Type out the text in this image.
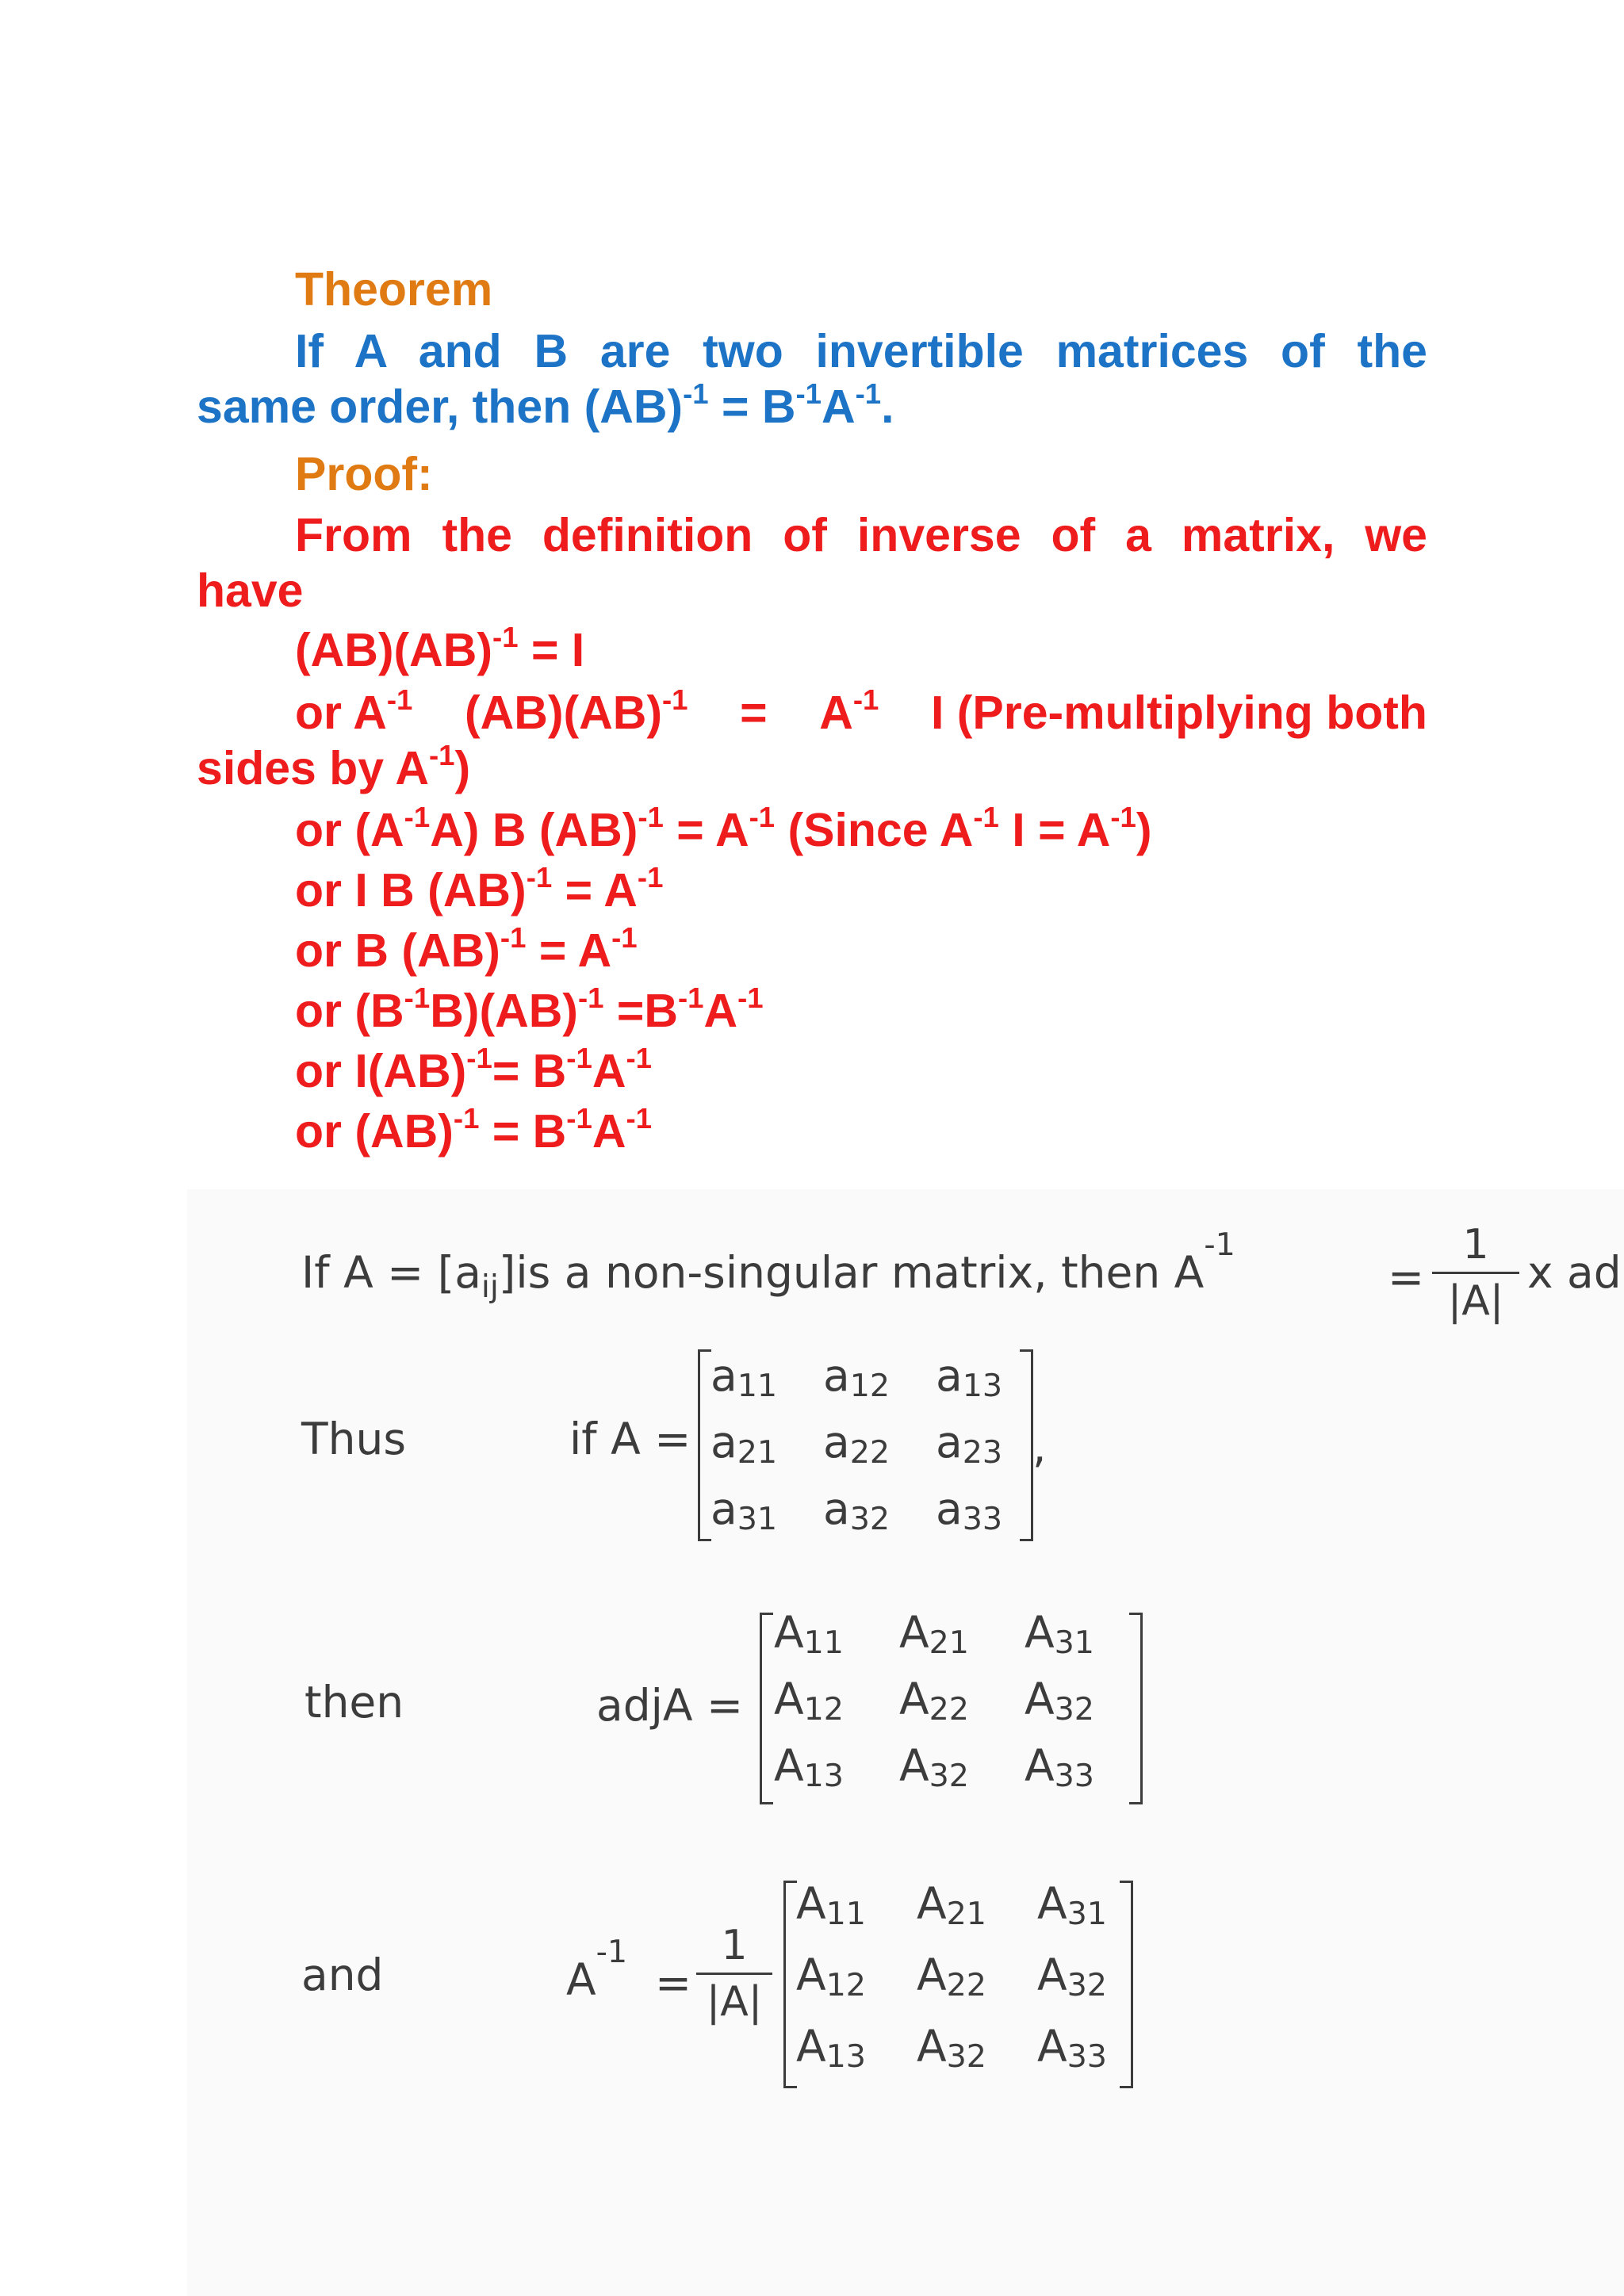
Theorem
If A and B are two invertible matrices of the
same order, then $(AB)^{-1} = B^{-1}A^{-1}$.
Proof:
From the definition of inverse of a matrix, we
have
(AB)(AB)$^{-1}$ = I
or $A^{-1}$ $(AB)(AB)^{-1} = A^{-1}$ I (Pre-multiplying both
sides by $A^{-1}$)
or $(A^{-1}A)$ B $(AB)^{-1} = A^{-1}$ (Since $A^{-1}$ $I = A^{-1}$)
or I B $(AB)^{-1} = A^{-1}$
or B $(AB)^{-1} = A^{-1}$
or $(B^{-1}B)(AB)^{-1} =B^{-1}A^{-1}$
or $I(AB)^{-1}= B^{-1}A^{-1}$
or $(AB)^{-1} = B^{-1}A^{-1}$
If $A = [a_{ij}]is$ a non-singular matrix, then $A^{-1}$
=
1
|A|
x ad
Thus	if A =
$a_{11}$ $a_{12}$ $a_{13}$
$a_{21}$ $a_{22}$ $a_{23}$
$a_{31}$ $a_{32}$ $a_{33}$
,
then	adjA =
$A_{11}$ $A_{21}$ $A_{31}$
$A_{12}$ $A_{22}$ $A_{32}$
$A_{13}$ $A_{32}$ $A_{33}$
and	$A^{-1}$
=
1
|A|
$A_{11}$ $A_{21}$ $A_{31}$
$A_{12}$ $A_{22}$ $A_{32}$
$A_{13}$ $A_{32}$ $A_{33}$
